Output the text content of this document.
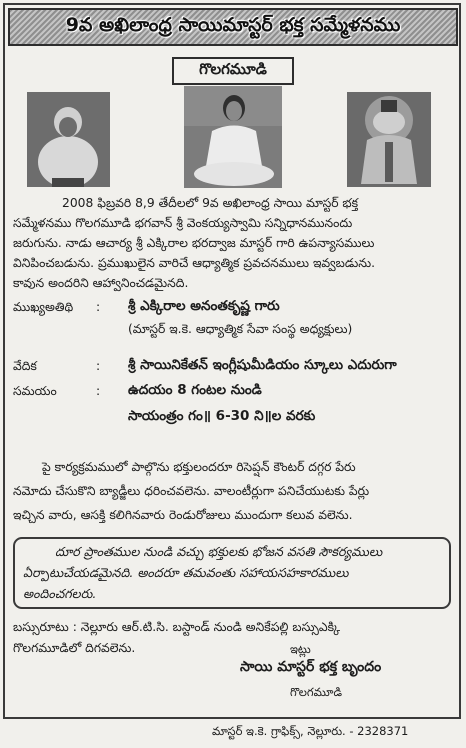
9వ అఖిలాంధ్ర సాయిమాస్టర్ భక్త సమ్మేళనము
గొలగమూడి
2008 ఫిబ్రవరి 8,9 తేదీలలో 9వ అఖిలాంధ్ర సాయి మాస్టర్ భక్త
సమ్మేళనము గొలగమూడి భగవాన్ శ్రీ వెంకయ్యస్వామి సన్నిధానమునందు
జరుగును. నాడు ఆచార్య శ్రీ ఎక్కిరాల భరద్వాజ మాస్టర్ గారి ఉపన్యాసములు
వినిపించబడును. ప్రముఖులైన వారిచే ఆధ్యాత్మిక ప్రవచనములు ఇవ్వబడును.
కావున అందరిని ఆహ్వానించడమైనది.
ముఖ్యఅతిథి : శ్రీ ఎక్కిరాల అనంతకృష్ణ గారు
(మాస్టర్ ఇ.కె. ఆధ్యాత్మిక సేవా సంస్థ అధ్యక్షులు)
వేదిక	: శ్రీ సాయినికేతన్ ఇంగ్లీషుమీడియం స్కూలు ఎదురుగా
సమయం	: ఉదయం 8 గంటల నుండి
సాయంత్రం గం॥ 6-30 ని॥ల వరకు
పై కార్యక్రమములో పాల్గొను భక్తులందరూ రిసెప్షన్ కౌంటర్ దగ్గర పేరు
నమోదు చేసుకొని బ్యాడ్జీలు ధరించవలెను. వాలంటీర్లుగా పనిచేయుటకు పేర్లు
ఇచ్చిన వారు, ఆసక్తి కలిగినవారు రెండురోజులు ముందుగా కలువ వలెను.
దూర ప్రాంతముల నుండి వచ్చు భక్తులకు భోజన వసతి సౌకర్యములు
ఏర్పాటుచేయడమైనది. అందరూ తమవంతు సహాయసహకారములు
అందించగలరు.
బస్సురూటు : నెల్లూరు ఆర్.టి.సి. బస్టాండ్ నుండి అనికేపల్లి బస్సుఎక్కి
గొలగమూడిలో దిగవలెను.	ఇట్లు
సాయి మాస్టర్ భక్త బృందం
గొలగమూడి
మాస్టర్ ఇ.కె. గ్రాఫిక్స్, నెల్లూరు. - 2328371
